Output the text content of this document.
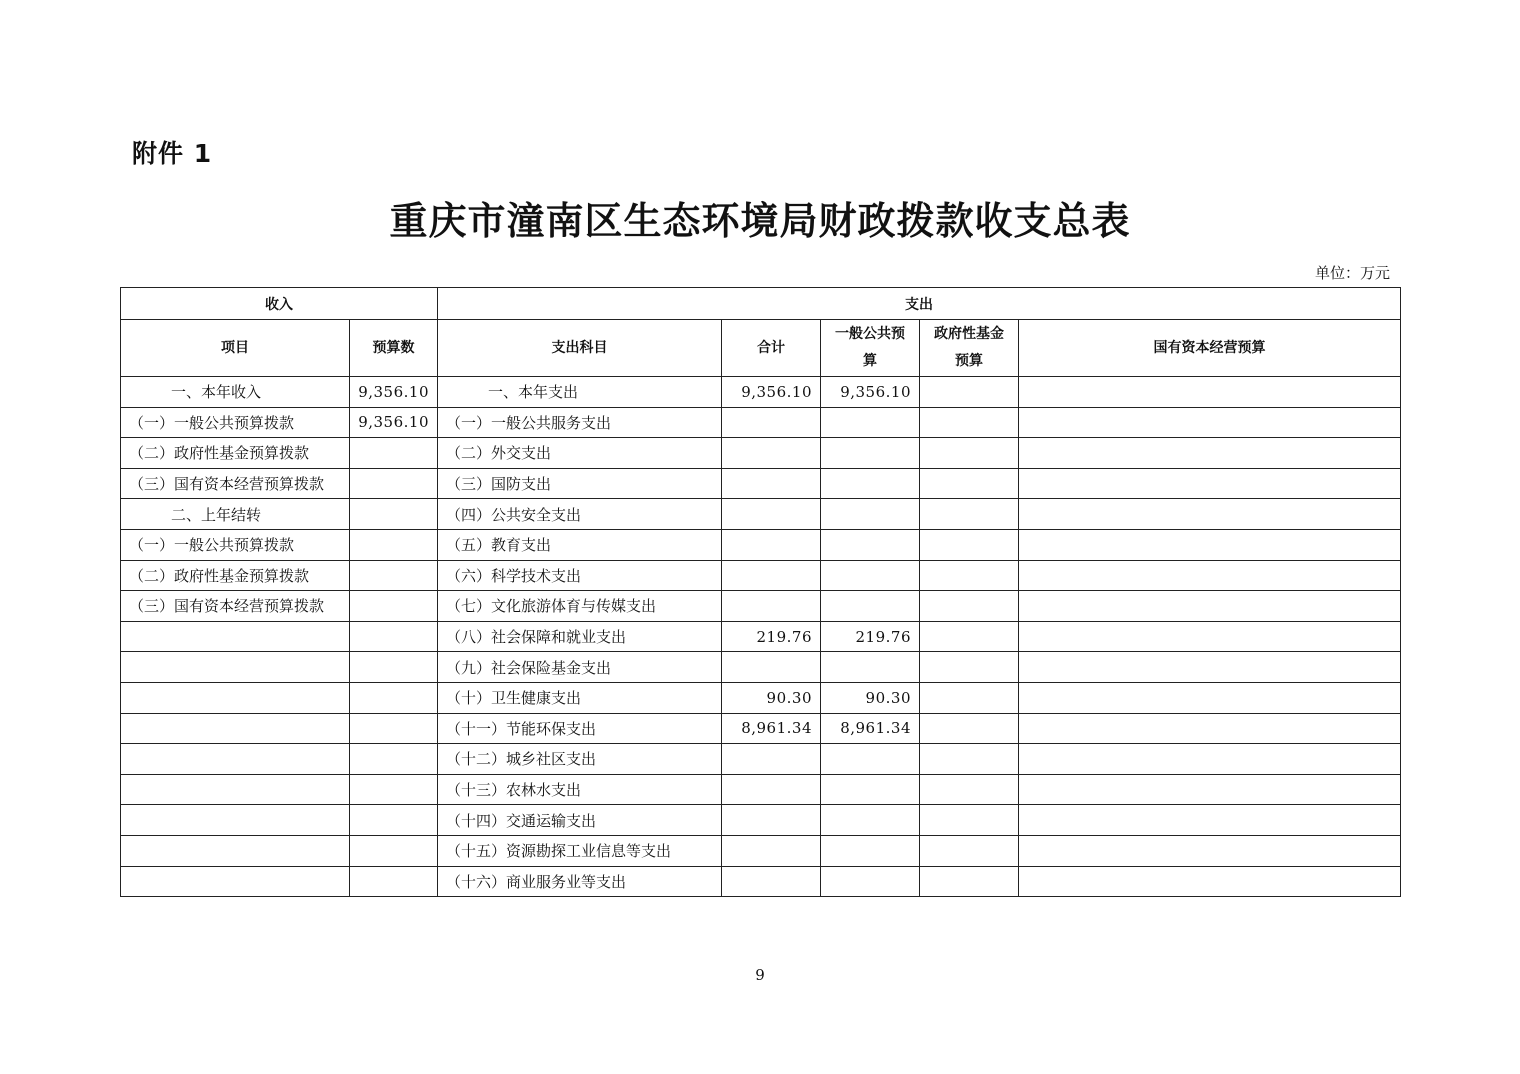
附件 1
重庆市潼南区生态环境局财政拨款收支总表
单位：万元
收入		支出				
项目	预算数	支出科目	合计	一般公共预算	政府性基金预算	国有资本经营预算
一、本年收入	9,356.10	一、本年支出	9,356.10	9,356.10		
（一）一般公共预算拨款	9,356.10	（一）一般公共服务支出				
（二）政府性基金预算拨款		（二）外交支出				
（三）国有资本经营预算拨款		（三）国防支出				
二、上年结转		（四）公共安全支出				
（一）一般公共预算拨款		（五）教育支出				
（二）政府性基金预算拨款		（六）科学技术支出				
（三）国有资本经营预算拨款		（七）文化旅游体育与传媒支出				
		（八）社会保障和就业支出	219.76	219.76		
		（九）社会保险基金支出				
		（十）卫生健康支出	90.30	90.30		
		（十一）节能环保支出	8,961.34	8,961.34		
		（十二）城乡社区支出				
		（十三）农林水支出				
		（十四）交通运输支出				
		（十五）资源勘探工业信息等支出				
		（十六）商业服务业等支出				
9
